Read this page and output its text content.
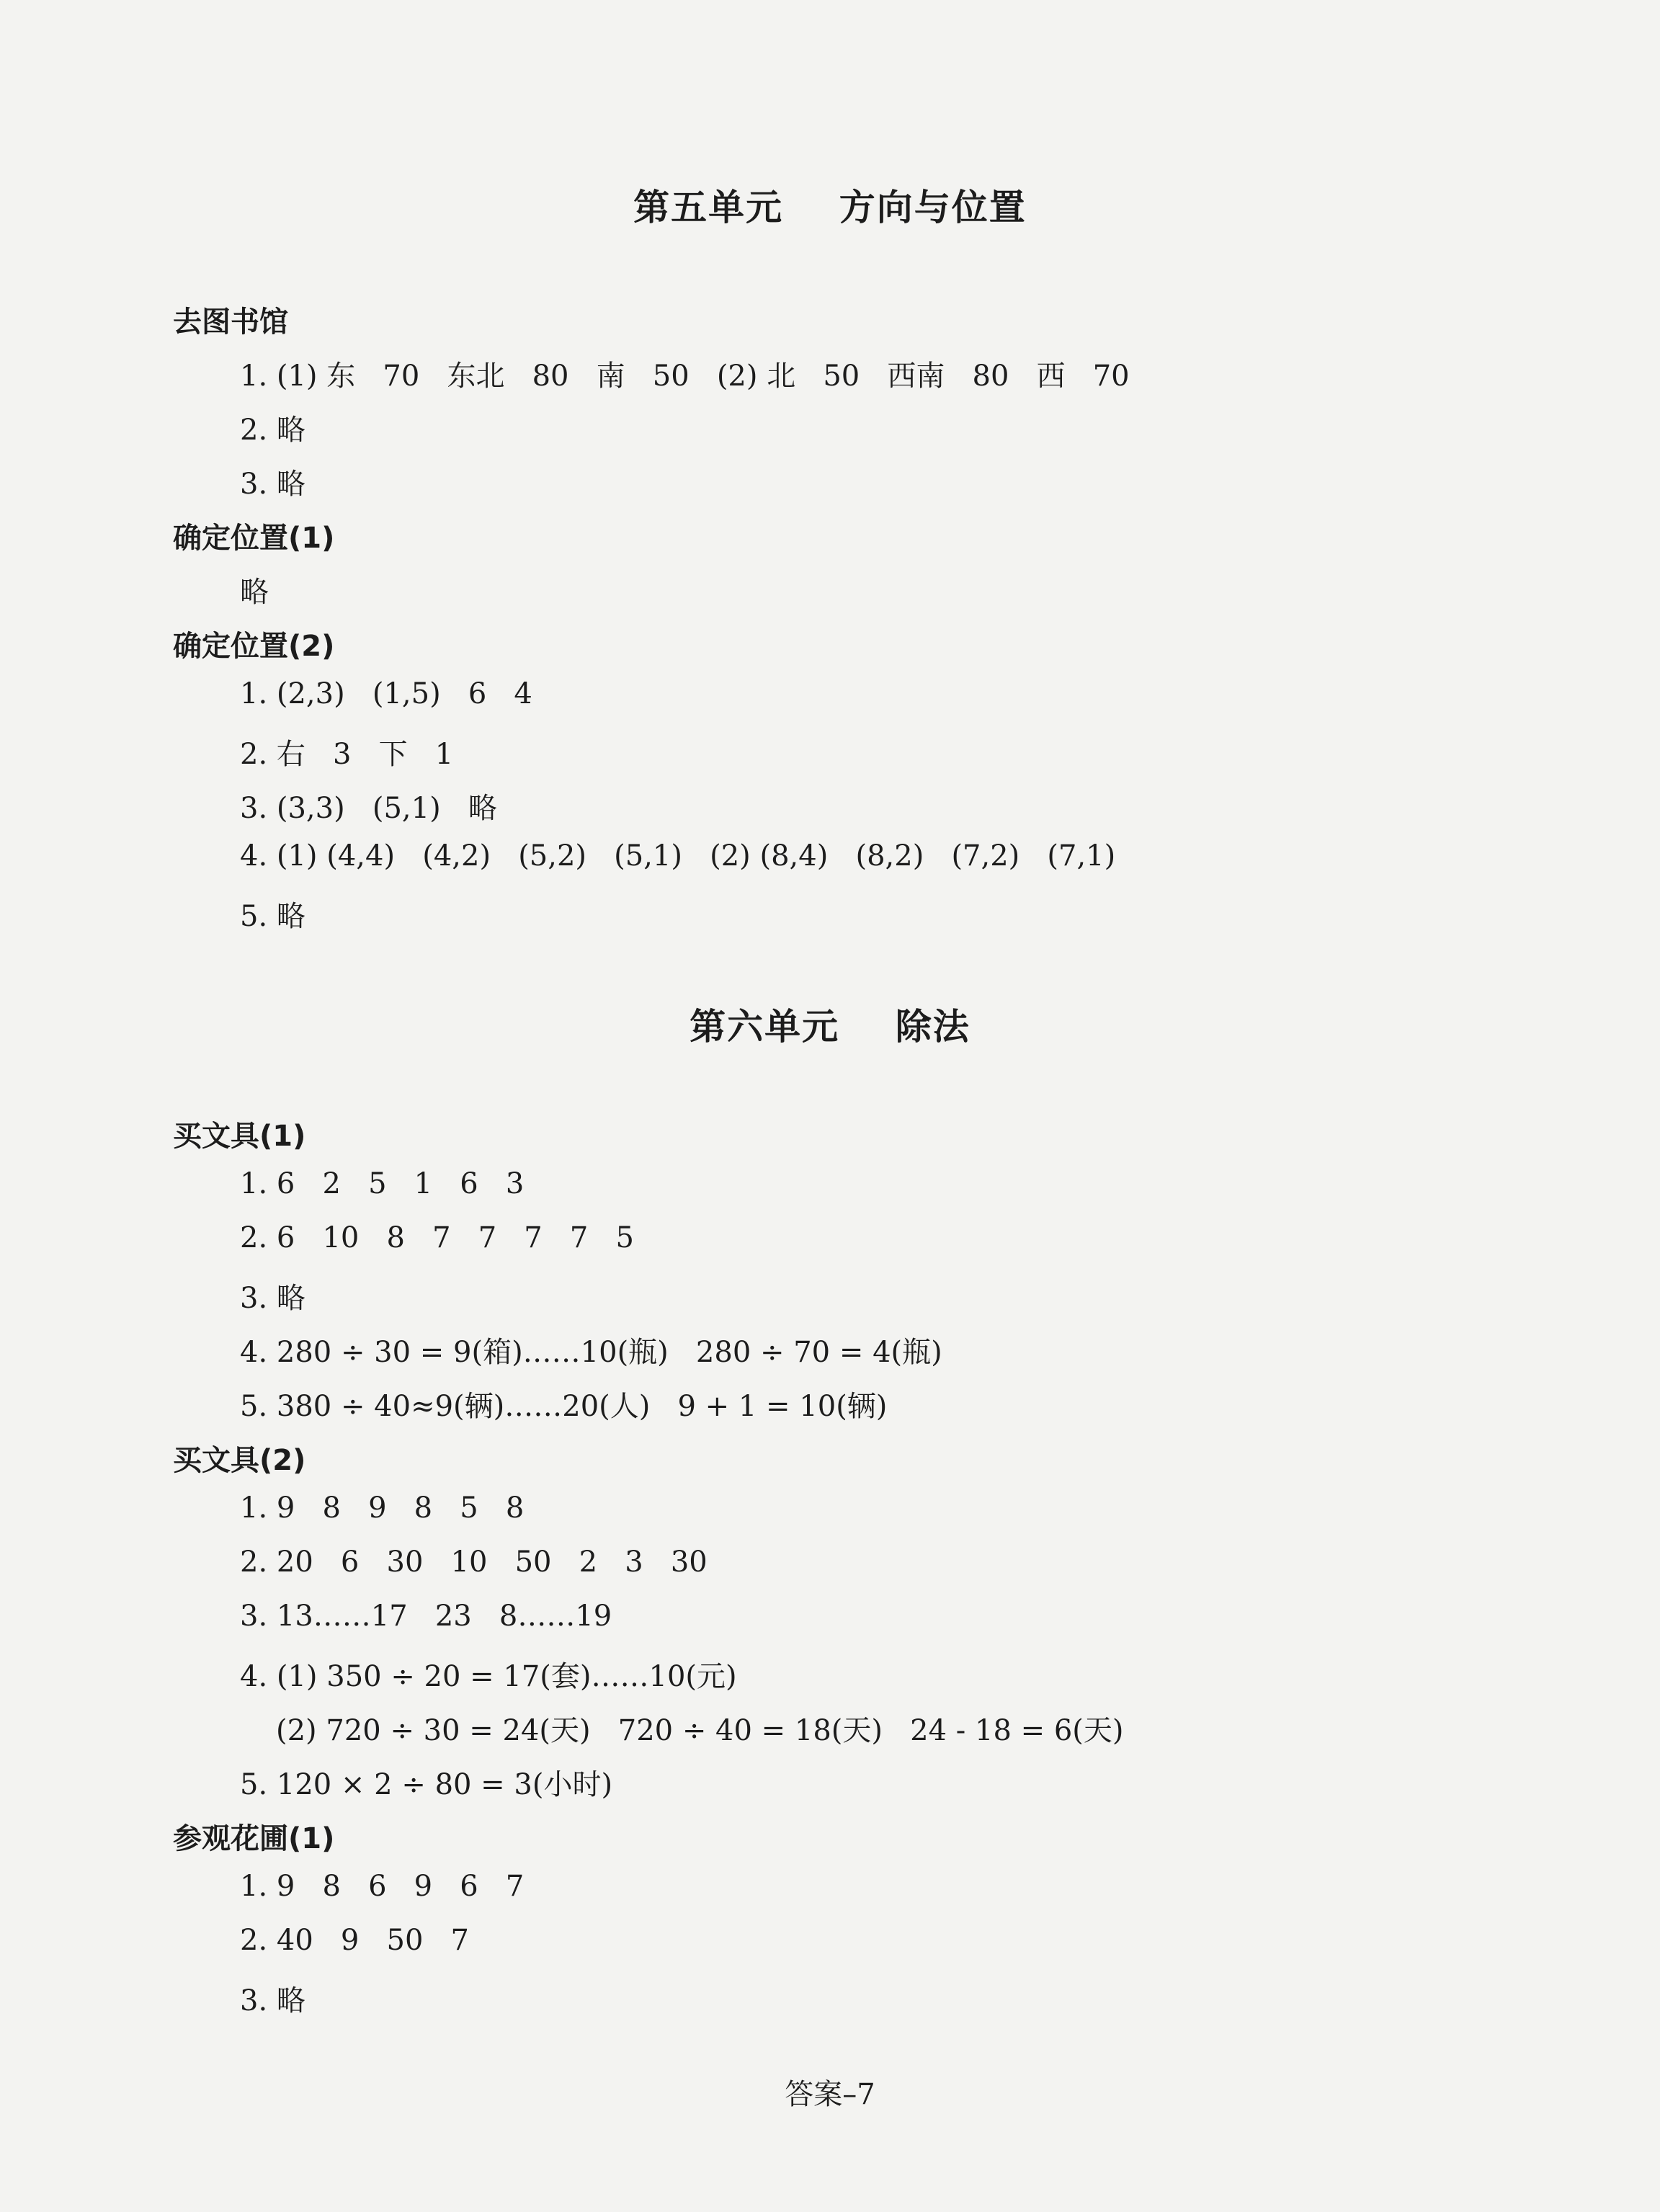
第五单元    方向与位置
去图书馆
1. (1) 东   70   东北   80   南   50   (2) 北   50   西南   80   西   70
2. 略
3. 略
确定位置(1)
略
确定位置(2)
1. (2,3)   (1,5)   6   4
2. 右   3   下   1
3. (3,3)   (5,1)   略
4. (1) (4,4)   (4,2)   (5,2)   (5,1)   (2) (8,4)   (8,2)   (7,2)   (7,1)
5. 略
第六单元    除法
买文具(1)
1. 6   2   5   1   6   3
2. 6   10   8   7   7   7   7   5
3. 略
4. 280 ÷ 30 = 9(箱)……10(瓶)   280 ÷ 70 = 4(瓶)
5. 380 ÷ 40≈9(辆)……20(人)   9 + 1 = 10(辆)
买文具(2)
1. 9   8   9   8   5   8
2. 20   6   30   10   50   2   3   30
3. 13……17   23   8……19
4. (1) 350 ÷ 20 = 17(套)……10(元)
(2) 720 ÷ 30 = 24(天)   720 ÷ 40 = 18(天)   24 - 18 = 6(天)
5. 120 × 2 ÷ 80 = 3(小时)
参观花圃(1)
1. 9   8   6   9   6   7
2. 40   9   50   7
3. 略
答案–7
